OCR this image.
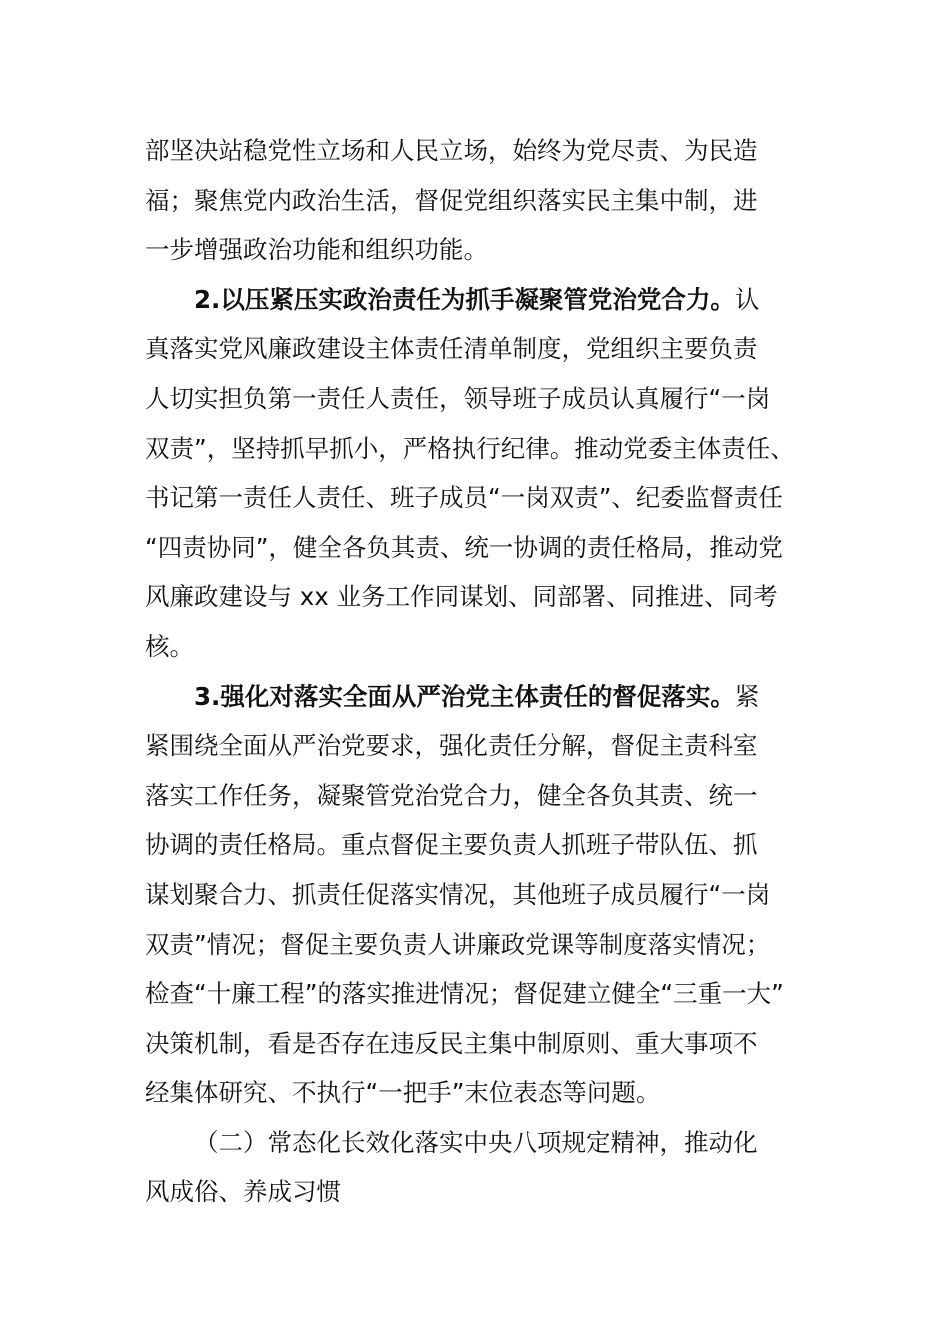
部坚决站稳党性立场和人民立场，始终为党尽责、为民造
福；聚焦党内政治生活，督促党组织落实民主集中制，进
一步增强政治功能和组织功能。
2.以压紧压实政治责任为抓手凝聚管党治党合力。认
真落实党风廉政建设主体责任清单制度，党组织主要负责
人切实担负第一责任人责任，领导班子成员认真履行“一岗
双责”，坚持抓早抓小，严格执行纪律。推动党委主体责任、
书记第一责任人责任、班子成员“一岗双责”、纪委监督责任
“四责协同”，健全各负其责、统一协调的责任格局，推动党
风廉政建设与 xx 业务工作同谋划、同部署、同推进、同考
核。
3.强化对落实全面从严治党主体责任的督促落实。紧
紧围绕全面从严治党要求，强化责任分解，督促主责科室
落实工作任务，凝聚管党治党合力，健全各负其责、统一
协调的责任格局。重点督促主要负责人抓班子带队伍、抓
谋划聚合力、抓责任促落实情况，其他班子成员履行“一岗
双责”情况；督促主要负责人讲廉政党课等制度落实情况；
检查“十廉工程”的落实推进情况；督促建立健全“三重一大”
决策机制，看是否存在违反民主集中制原则、重大事项不
经集体研究、不执行“一把手”末位表态等问题。
（二）常态化长效化落实中央八项规定精神，推动化
风成俗、养成习惯
